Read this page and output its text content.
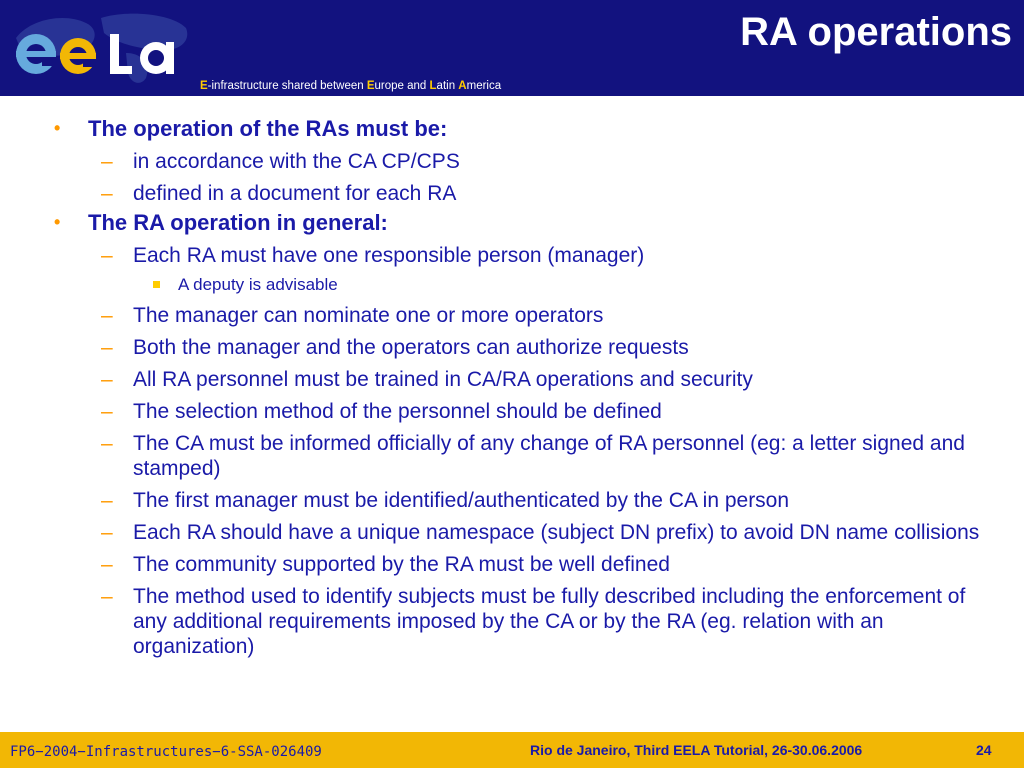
E-infrastructure shared between Europe and Latin America
RA operations
• The operation of the RAs must be:
– in accordance with the CA CP/CPS
– defined in a document for each RA
• The RA operation in general:
– Each RA must have one responsible person (manager)
A deputy is advisable
– The manager can nominate one or more operators
– Both the manager and the operators can authorize requests
– All RA personnel must be trained in CA/RA operations and security
– The selection method of the personnel should be defined
– The CA must be informed officially of any change of RA personnel (eg: a letter signed and stamped)
– The first manager must be identified/authenticated by the CA in person
– Each RA should have a unique namespace (subject DN prefix) to avoid DN name collisions
– The community supported by the RA must be well defined
– The method used to identify subjects must be fully described including the enforcement of any additional requirements imposed by the CA or by the RA (eg. relation with an organization)
FP6−2004−Infrastructures−6-SSA-026409	Rio de Janeiro, Third EELA Tutorial, 26-30.06.2006	24
